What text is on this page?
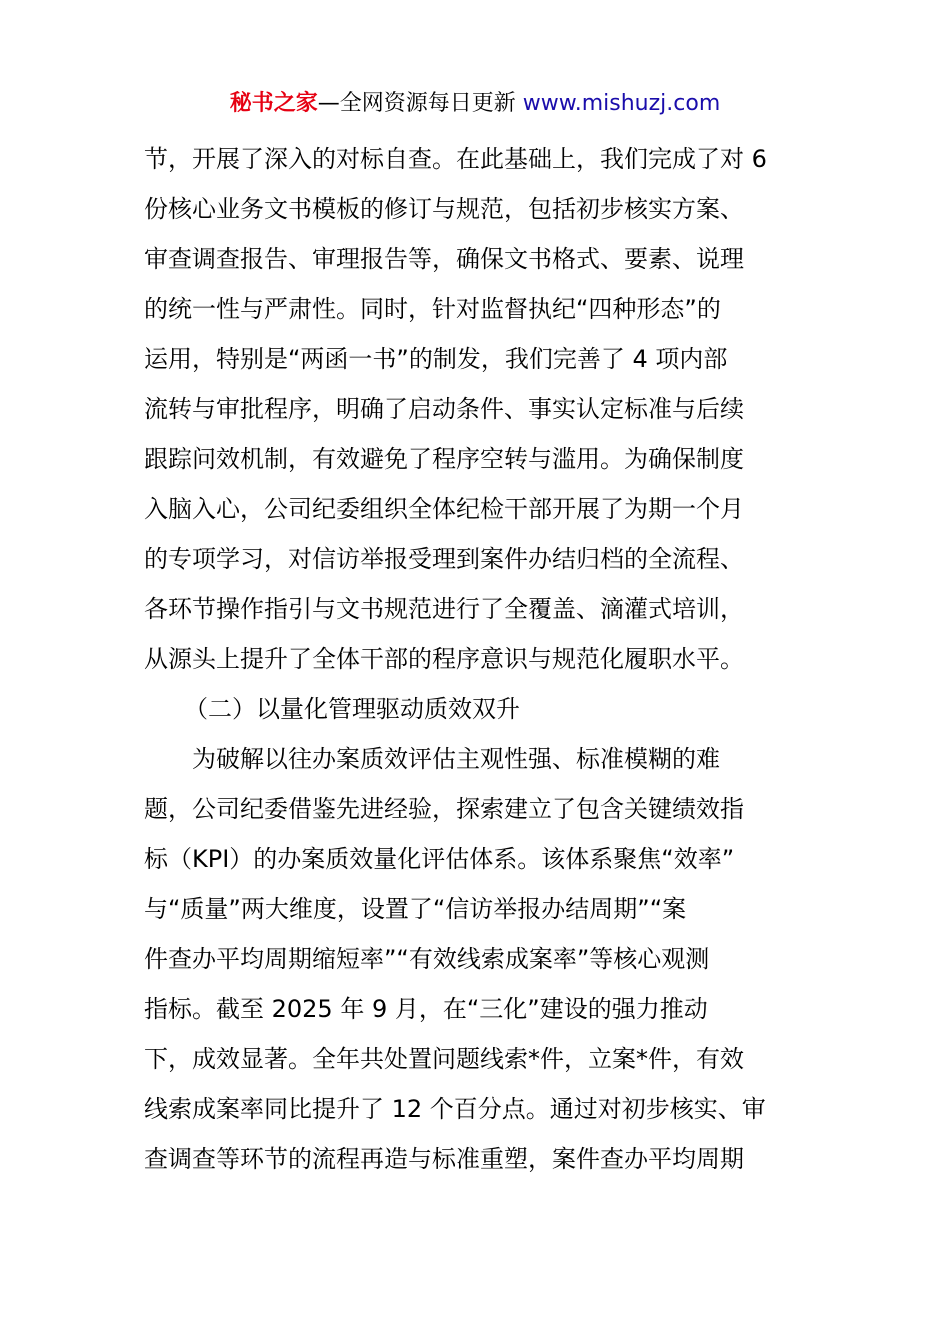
秘书之家—全网资源每日更新 www.mishuzj.com
节，开展了深入的对标自查。在此基础上，我们完成了对 6
份核心业务文书模板的修订与规范，包括初步核实方案、
审查调查报告、审理报告等，确保文书格式、要素、说理
的统一性与严肃性。同时，针对监督执纪“四种形态”的
运用，特别是“两函一书”的制发，我们完善了 4 项内部
流转与审批程序，明确了启动条件、事实认定标准与后续
跟踪问效机制，有效避免了程序空转与滥用。为确保制度
入脑入心，公司纪委组织全体纪检干部开展了为期一个月
的专项学习，对信访举报受理到案件办结归档的全流程、
各环节操作指引与文书规范进行了全覆盖、滴灌式培训，
从源头上提升了全体干部的程序意识与规范化履职水平。
（二）以量化管理驱动质效双升
为破解以往办案质效评估主观性强、标准模糊的难
题，公司纪委借鉴先进经验，探索建立了包含关键绩效指
标（KPI）的办案质效量化评估体系。该体系聚焦“效率”
与“质量”两大维度，设置了“信访举报办结周期”“案
件查办平均周期缩短率”“有效线索成案率”等核心观测
指标。截至 2025 年 9 月，在“三化”建设的强力推动
下，成效显著。全年共处置问题线索*件，立案*件，有效
线索成案率同比提升了 12 个百分点。通过对初步核实、审
查调查等环节的流程再造与标准重塑，案件查办平均周期
